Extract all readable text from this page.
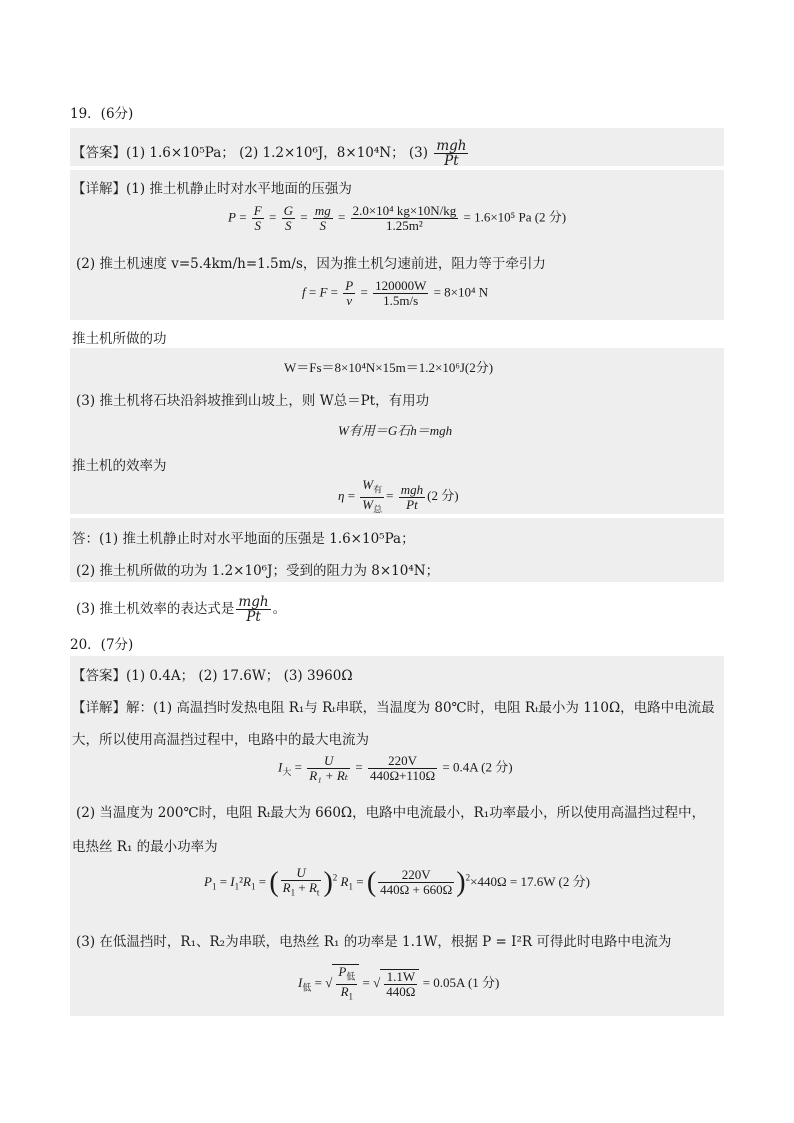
19．(6分)
【答案】(1) 1.6×10⁵Pa； (2) 1.2×10⁶J，8×10⁴N； $(3) \frac{\text{mgh}}{Pt}$
【详解】(1) 推土机静止时对水平地面的压强为
$P = \frac{F}{S} = \frac{G}{S} = \frac{mg}{S} = \frac{\text{2.0×10⁴ kg×10N/kg}}{\text{1.25m²}} = 1.6\times 10^5$ Pa (2 分)
(2) 推土机速度 v=5.4km/h=1.5m/s，因为推土机匀速前进，阻力等于牵引力
$f = F = \frac{P}{v} = \frac{120000W}{1.5m/s} = 8\times 10^4$ N
推土机所做的功
W＝Fs＝8×10⁴N×15m＝1.2×10⁶J(2分)
(3) 推土机将石块沿斜坡推到山坡上，则 W总＝Pt，有用功
W有用＝G石h＝mgh
推土机的效率为
$\eta = \frac{W_有}{W_总} = \frac{\text{mgh}}{Pt} (2$ 分)
答：(1) 推土机静止时对水平地面的压强是 1.6×10⁵Pa；
(2) 推土机所做的功为 1.2×10⁶J；受到的阻力为 8×10⁴N；
(3) 推土机效率的表达式是 $\frac{\text{mgh}}{Pt}$ 。
20．(7分)
【答案】(1) 0.4A； (2) 17.6W； (3) 3960Ω
【详解】解：(1) 高温挡时发热电阻 R₁与 Rₜ串联，当温度为 80℃时，电阻 Rₜ最小为 110Ω，电路中电流最
大，所以使用高温挡过程中，电路中的最大电流为
$I_大 = \frac{U}{\text{R₁ + Rₜ}} = \frac{220V}{440\Omega+110\Omega} = 0.4A$ (2 分)
(2) 当温度为 200℃时，电阻 Rₜ最大为 660Ω，电路中电流最小，R₁功率最小，所以使用高温挡过程中，
电热丝 R₁ 的最小功率为
$P_1 = I_1^2R_1$ = ( $\frac{U}{R_1 + R_t} )^2$ $R_1$ = ( $\frac{220V}{440\Omega + 660\Omega} )^2\times 440\Omega = 17.6W$ (2 分)
(3) 在低温挡时，R₁、R₂为串联，电热丝 R₁ 的功率是 1.1W，根据 P = I²R 可得此时电路中电流为
$I_低$ = √ $\frac{P_低}{R_1}$ = √ $\frac{1.1W}{440\Omega} = 0.05A$ (1 分)
